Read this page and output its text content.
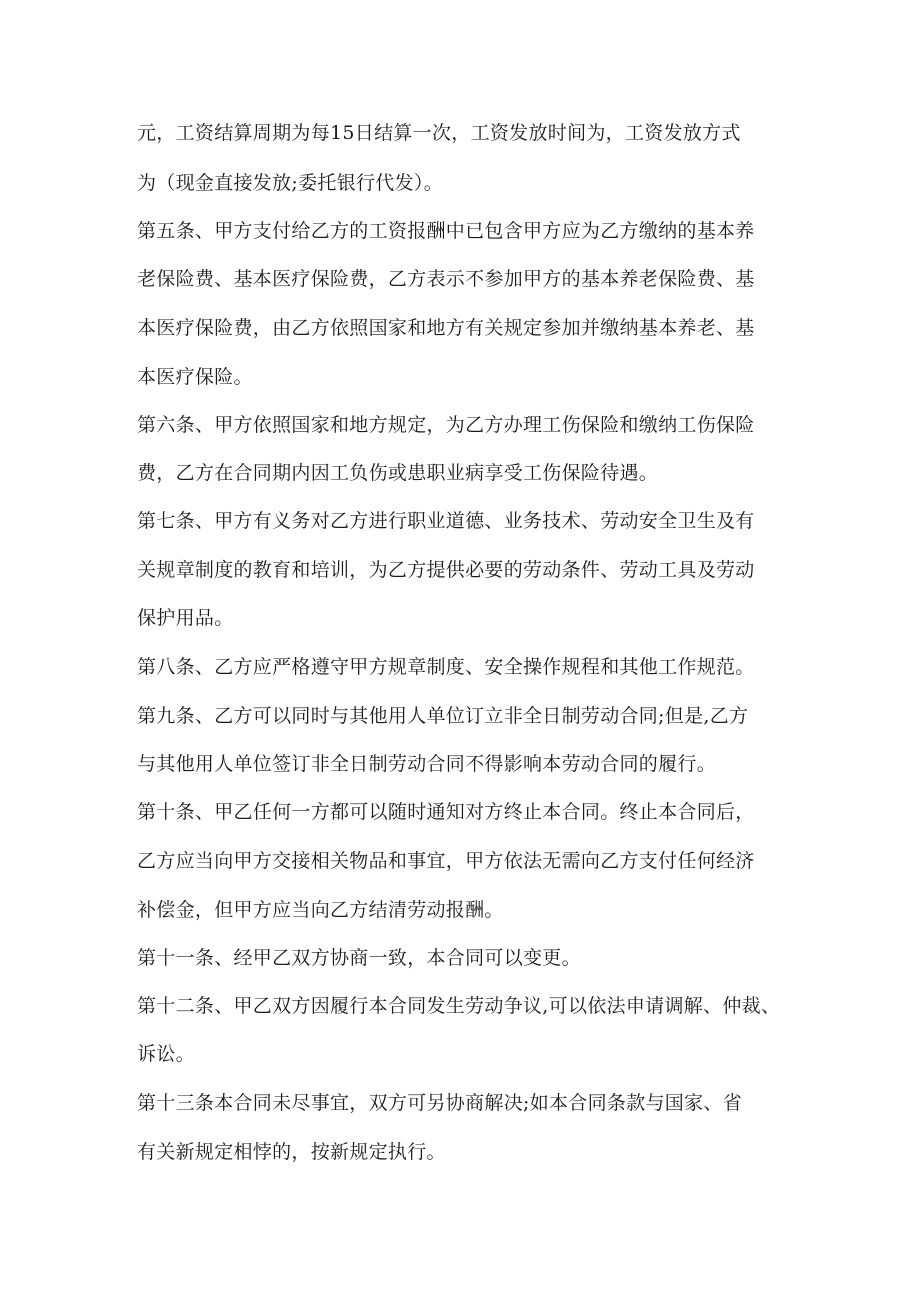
元，工资结算周期为每15日结算一次，工资发放时间为，工资发放方式

为（现金直接发放;委托银行代发）。

第五条、甲方支付给乙方的工资报酬中已包含甲方应为乙方缴纳的基本养

老保险费、基本医疗保险费，乙方表示不参加甲方的基本养老保险费、基

本医疗保险费，由乙方依照国家和地方有关规定参加并缴纳基本养老、基

本医疗保险。

第六条、甲方依照国家和地方规定，为乙方办理工伤保险和缴纳工伤保险

费，乙方在合同期内因工负伤或患职业病享受工伤保险待遇。

第七条、甲方有义务对乙方进行职业道德、业务技术、劳动安全卫生及有

关规章制度的教育和培训，为乙方提供必要的劳动条件、劳动工具及劳动

保护用品。

第八条、乙方应严格遵守甲方规章制度、安全操作规程和其他工作规范。

第九条、乙方可以同时与其他用人单位订立非全日制劳动合同;但是,乙方

与其他用人单位签订非全日制劳动合同不得影响本劳动合同的履行。

第十条、甲乙任何一方都可以随时通知对方终止本合同。终止本合同后，

乙方应当向甲方交接相关物品和事宜，甲方依法无需向乙方支付任何经济

补偿金，但甲方应当向乙方结清劳动报酬。

第十一条、经甲乙双方协商一致，本合同可以变更。

第十二条、甲乙双方因履行本合同发生劳动争议,可以依法申请调解、仲裁、

诉讼。

第十三条本合同未尽事宜，双方可另协商解决;如本合同条款与国家、省

有关新规定相悖的，按新规定执行。
